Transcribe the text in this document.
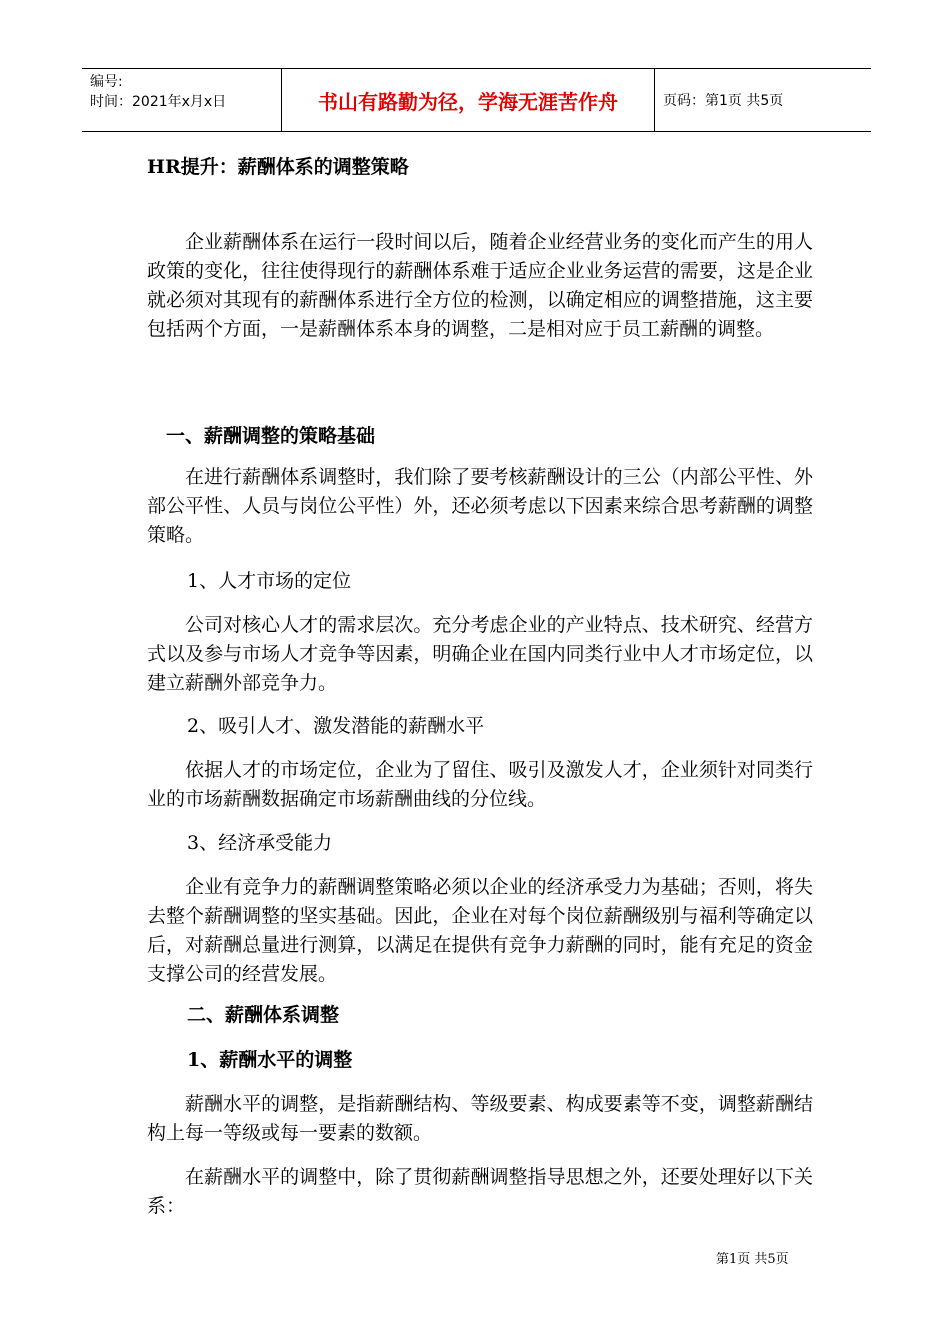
编号:
时间：2021年x月x日	书山有路勤为径，学海无涯苦作舟	页码：第1页 共5页
HR提升：薪酬体系的调整策略
企业薪酬体系在运行一段时间以后，随着企业经营业务的变化而产生的用人政策的变化，往往使得现行的薪酬体系难于适应企业业务运营的需要，这是企业就必须对其现有的薪酬体系进行全方位的检测，以确定相应的调整措施，这主要包括两个方面，一是薪酬体系本身的调整，二是相对应于员工薪酬的调整。
一、薪酬调整的策略基础
在进行薪酬体系调整时，我们除了要考核薪酬设计的三公（内部公平性、外部公平性、人员与岗位公平性）外，还必须考虑以下因素来综合思考薪酬的调整策略。
1、人才市场的定位
公司对核心人才的需求层次。充分考虑企业的产业特点、技术研究、经营方式以及参与市场人才竞争等因素，明确企业在国内同类行业中人才市场定位，以建立薪酬外部竞争力。
2、吸引人才、激发潜能的薪酬水平
依据人才的市场定位，企业为了留住、吸引及激发人才，企业须针对同类行业的市场薪酬数据确定市场薪酬曲线的分位线。
3、经济承受能力
企业有竞争力的薪酬调整策略必须以企业的经济承受力为基础；否则，将失去整个薪酬调整的坚实基础。因此，企业在对每个岗位薪酬级别与福利等确定以后，对薪酬总量进行测算，以满足在提供有竞争力薪酬的同时，能有充足的资金支撑公司的经营发展。
二、薪酬体系调整
1、薪酬水平的调整
薪酬水平的调整，是指薪酬结构、等级要素、构成要素等不变，调整薪酬结构上每一等级或每一要素的数额。
在薪酬水平的调整中，除了贯彻薪酬调整指导思想之外，还要处理好以下关系：
第1页 共5页
